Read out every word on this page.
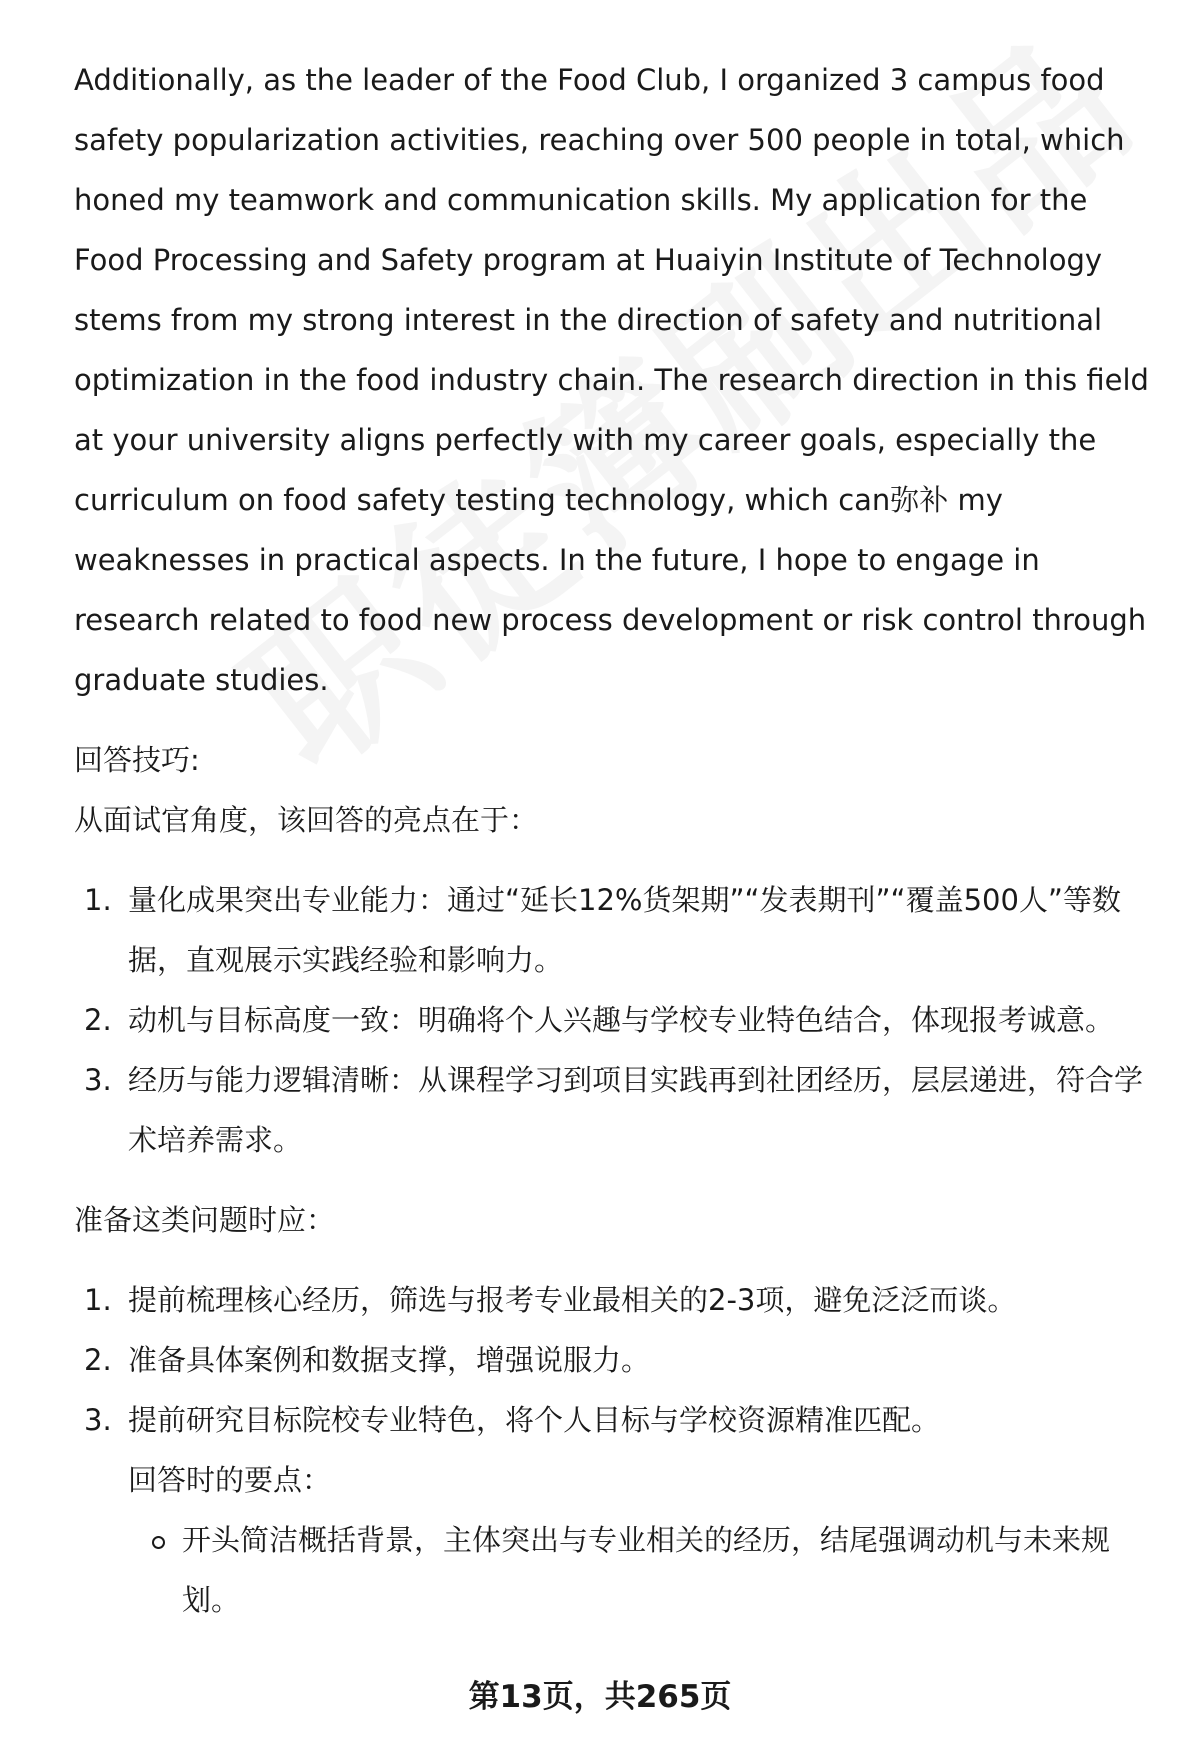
Additionally, as the leader of the Food Club, I organized 3 campus food safety popularization activities, reaching over 500 people in total, which honed my teamwork and communication skills. My application for the Food Processing and Safety program at Huaiyin Institute of Technology stems from my strong interest in the direction of safety and nutritional optimization in the food industry chain. The research direction in this field at your university aligns perfectly with my career goals, especially the curriculum on food safety testing technology, which can弥补 my weaknesses in practical aspects. In the future, I hope to engage in research related to food new process development or risk control through graduate studies.

回答技巧:

从面试官角度，该回答的亮点在于：

1. 量化成果突出专业能力：通过“延长12%货架期”“发表期刊”“覆盖500人”等数据，直观展示实践经验和影响力。
2. 动机与目标高度一致：明确将个人兴趣与学校专业特色结合，体现报考诚意。
3. 经历与能力逻辑清晰：从课程学习到项目实践再到社团经历，层层递进，符合学术培养需求。

准备这类问题时应：

1. 提前梳理核心经历，筛选与报考专业最相关的2-3项，避免泛泛而谈。
2. 准备具体案例和数据支撑，增强说服力。
3. 提前研究目标院校专业特色，将个人目标与学校资源精准匹配。
回答时的要点：
开头简洁概括背景，主体突出与专业相关的经历，结尾强调动机与未来规划。
第13页，共265页
